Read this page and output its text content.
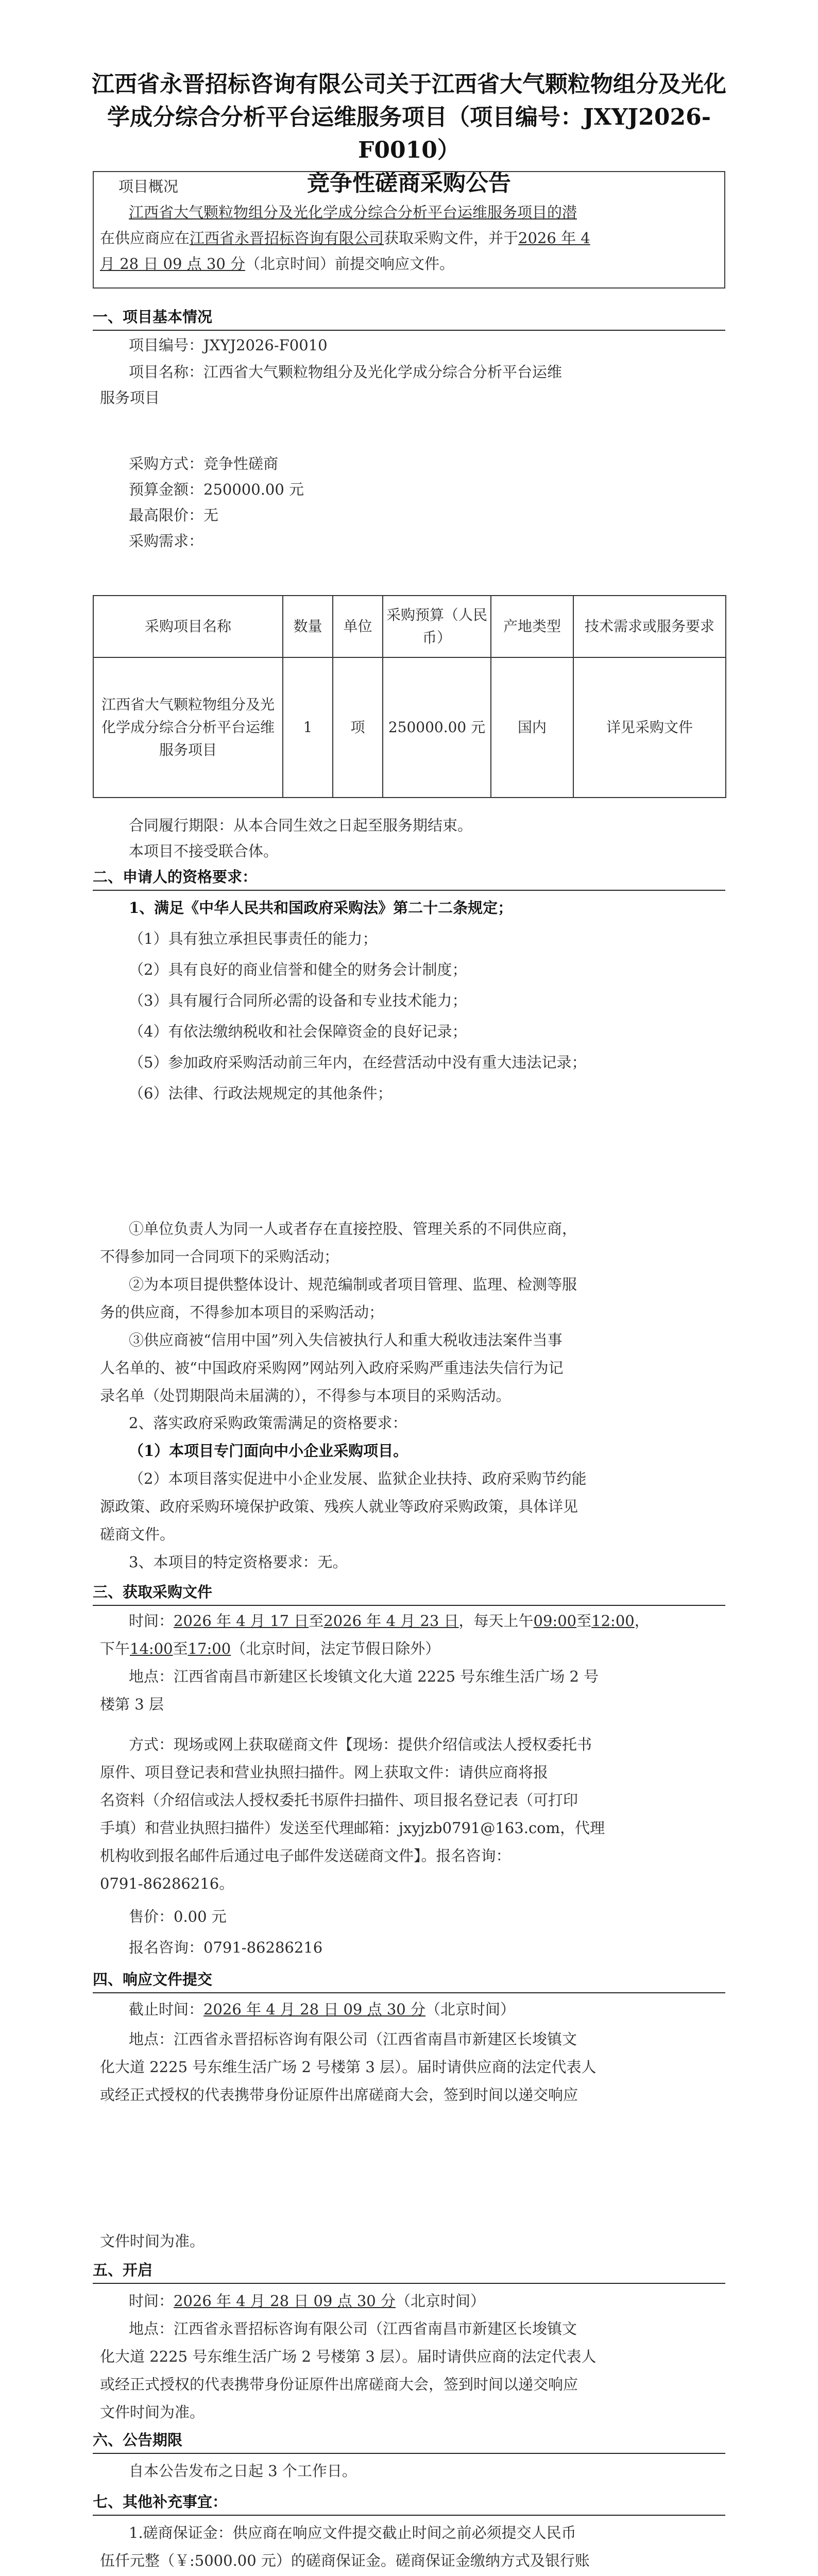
江西省永晋招标咨询有限公司关于江西省大气颗粒物组分及光化
学成分综合分析平台运维服务项目（项目编号：JXYJ2026-F0010）
竞争性磋商采购公告
项目概况
江西省大气颗粒物组分及光化学成分综合分析平台运维服务项目的潜
在供应商应在江西省永晋招标咨询有限公司获取采购文件，并于2026 年 4
月 28 日 09 点 30 分（北京时间）前提交响应文件。
一、项目基本情况
项目编号：JXYJ2026-F0010
项目名称：江西省大气颗粒物组分及光化学成分综合分析平台运维
服务项目
采购方式：竞争性磋商
预算金额：250000.00 元
最高限价：无
采购需求：
采购项目名称	数量	单位	采购预算（人民币）	产地类型	技术需求或服务要求
江西省大气颗粒物组分及光化学成分综合分析平台运维服务项目	1	项	250000.00 元	国内	详见采购文件
合同履行期限：从本合同生效之日起至服务期结束。
本项目不接受联合体。
二、申请人的资格要求：
1、满足《中华人民共和国政府采购法》第二十二条规定；
（1）具有独立承担民事责任的能力；
（2）具有良好的商业信誉和健全的财务会计制度；
（3）具有履行合同所必需的设备和专业技术能力；
（4）有依法缴纳税收和社会保障资金的良好记录；
（5）参加政府采购活动前三年内，在经营活动中没有重大违法记录；
（6）法律、行政法规规定的其他条件；
①单位负责人为同一人或者存在直接控股、管理关系的不同供应商，
不得参加同一合同项下的采购活动；
②为本项目提供整体设计、规范编制或者项目管理、监理、检测等服
务的供应商，不得参加本项目的采购活动；
③供应商被“信用中国”列入失信被执行人和重大税收违法案件当事
人名单的、被“中国政府采购网”网站列入政府采购严重违法失信行为记
录名单（处罚期限尚未届满的），不得参与本项目的采购活动。
2、落实政府采购政策需满足的资格要求：
（1）本项目专门面向中小企业采购项目。
（2）本项目落实促进中小企业发展、监狱企业扶持、政府采购节约能
源政策、政府采购环境保护政策、残疾人就业等政府采购政策，具体详见
磋商文件。
3、本项目的特定资格要求：无。
三、获取采购文件
时间：2026 年 4 月 17 日至2026 年 4 月 23 日，每天上午09:00至12:00，
下午14:00至17:00（北京时间，法定节假日除外）
地点：江西省南昌市新建区长埈镇文化大道 2225 号东维生活广场 2 号
楼第 3 层
方式：现场或网上获取磋商文件【现场：提供介绍信或法人授权委托书
原件、项目登记表和营业执照扫描件。网上获取文件：请供应商将报
名资料（介绍信或法人授权委托书原件扫描件、项目报名登记表（可打印
手填）和营业执照扫描件）发送至代理邮箱：jxyjzb0791@163.com，代理
机构收到报名邮件后通过电子邮件发送磋商文件】。报名咨询：
0791-86286216。
售价：0.00 元
报名咨询：0791-86286216
四、响应文件提交
截止时间：2026 年 4 月 28 日 09 点 30 分（北京时间）
地点：江西省永晋招标咨询有限公司（江西省南昌市新建区长埈镇文
化大道 2225 号东维生活广场 2 号楼第 3 层）。届时请供应商的法定代表人
或经正式授权的代表携带身份证原件出席磋商大会，签到时间以递交响应
文件时间为准。
五、开启
时间：2026 年 4 月 28 日 09 点 30 分（北京时间）
地点：江西省永晋招标咨询有限公司（江西省南昌市新建区长埈镇文
化大道 2225 号东维生活广场 2 号楼第 3 层）。届时请供应商的法定代表人
或经正式授权的代表携带身份证原件出席磋商大会，签到时间以递交响应
文件时间为准。
六、公告期限
自本公告发布之日起 3 个工作日。
七、其他补充事宜：
1.磋商保证金：供应商在响应文件提交截止时间之前必须提交人民币
伍仟元整（￥:5000.00 元）的磋商保证金。磋商保证金缴纳方式及银行账
